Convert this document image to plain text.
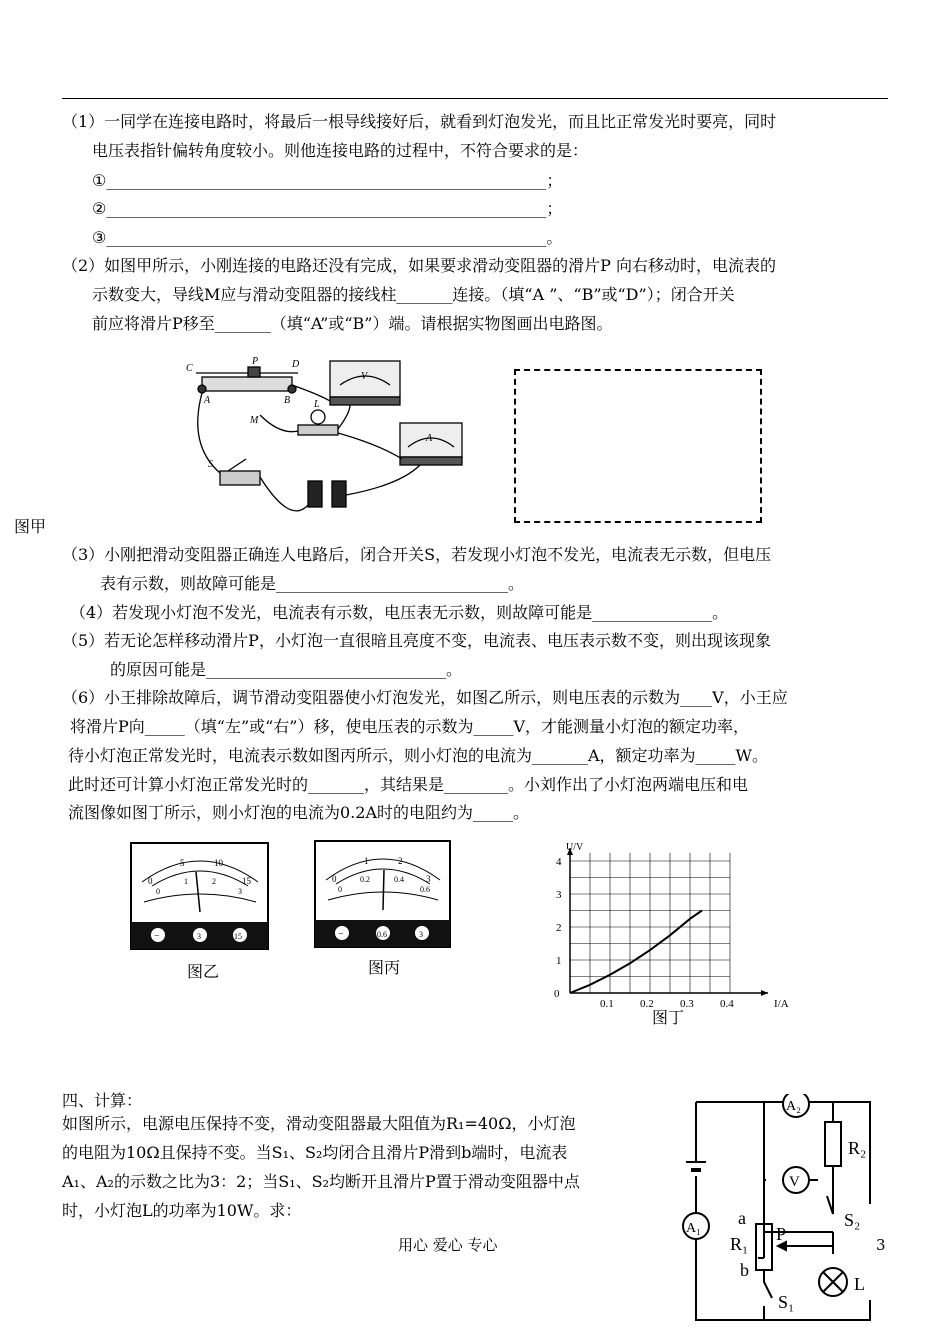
（1）一同学在连接电路时，将最后一根导线接好后，就看到灯泡发光，而且比正常发光时要亮，同时
电压表指针偏转角度较小。则他连接电路的过程中，不符合要求的是：
①_______________________________________________________；
②_______________________________________________________；
③_______________________________________________________。
（2）如图甲所示，小刚连接的电路还没有完成，如果要求滑动变阻器的滑片P 向右移动时，电流表的
示数变大，导线M应与滑动变阻器的接线柱_______连接。（填“A ”、“B”或“D”）；闭合开关
前应将滑片P移至_______（填“A”或“B”）端。请根据实物图画出电路图。
C	D
P
A	B
M
L
S
V
A
图甲
（3）小刚把滑动变阻器正确连人电路后，闭合开关S，若发现小灯泡不发光，电流表无示数，但电压
表有示数，则故障可能是_____________________________。
（4）若发现小灯泡不发光，电流表有示数，电压表无示数，则故障可能是_______________。
（5）若无论怎样移动滑片P，小灯泡一直很暗且亮度不变，电流表、电压表示数不变，则出现该现象
的原因可能是______________________________。
（6）小王排除故障后，调节滑动变阻器使小灯泡发光，如图乙所示，则电压表的示数为____V，小王应
将滑片P向_____（填“左”或“右”）移，使电压表的示数为_____V，才能测量小灯泡的额定功率，
待小灯泡正常发光时，电流表示数如图丙所示，则小灯泡的电流为_______A，额定功率为_____W。
此时还可计算小灯泡正常发光时的_______，其结果是________。小刘作出了小灯泡两端电压和电
流图像如图丁所示，则小灯泡的电流为0.2A时的电阻约为_____。
0
5	10
15
0
1	2
3
−	3	15
图乙
0
1	2
3
0
0.2	0.4
0.6
−	0.6	3
图丙
U/V
I/A
0.1 0.2 0.3 0.4
0
1
2
3
4
图丁
四、计算：
如图所示，电源电压保持不变，滑动变阻器最大阻值为R₁=40Ω，小灯泡
的电阻为10Ω且保持不变。当S₁、S₂均闭合且滑片P滑到b端时，电流表
A₁、A₂的示数之比为3：2；当S₁、S₂均断开且滑片P置于滑动变阻器中点
时，小灯泡L的功率为10W。求：
用心 爱心 专心	3
A₂
R₂
V
S₂
a
P
R₁
b
S₁
L
A₁
